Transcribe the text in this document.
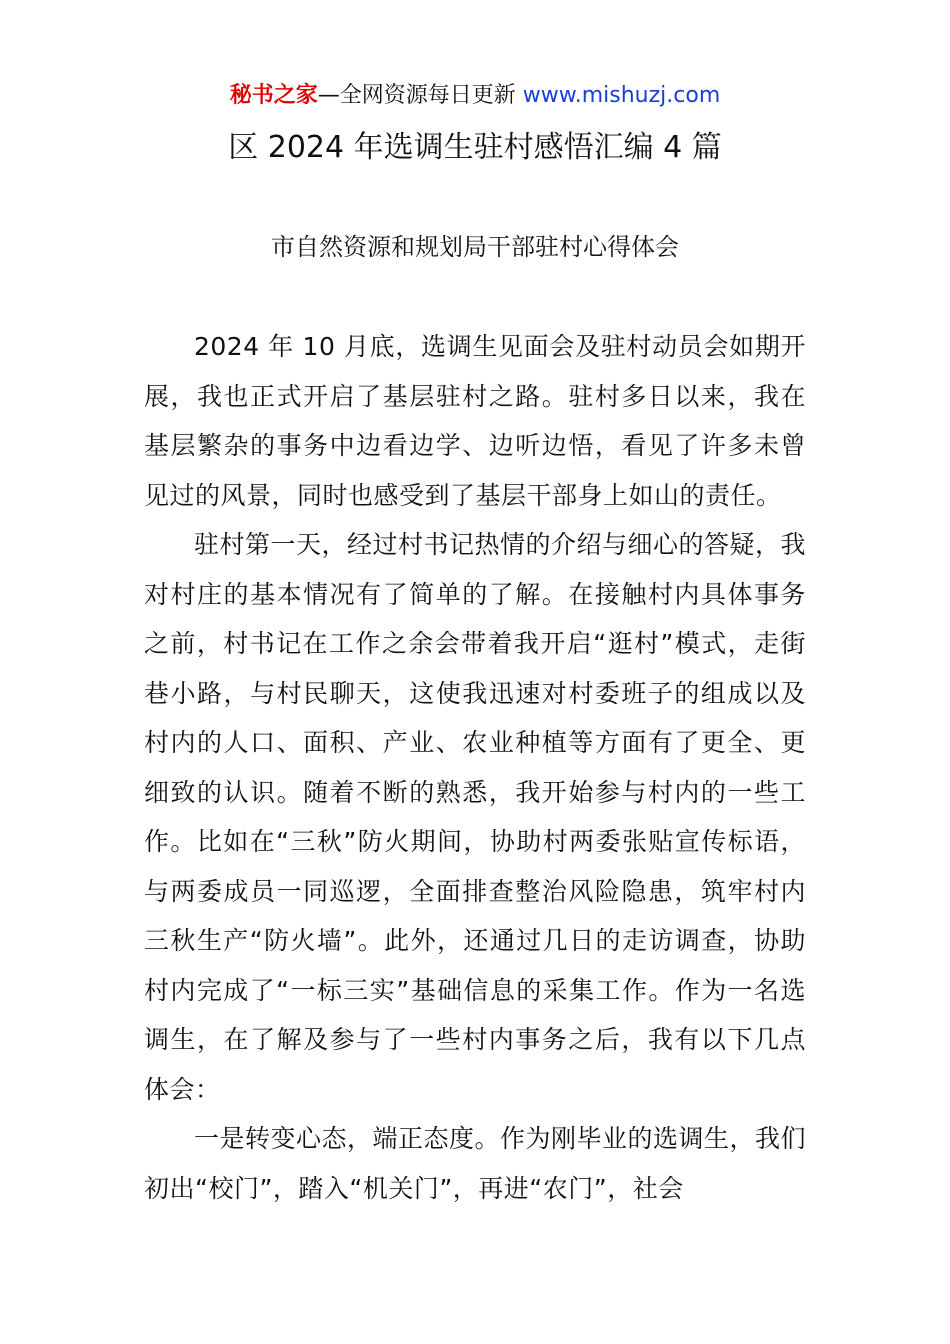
秘书之家—全网资源每日更新 www.mishuzj.com
区 2024 年选调生驻村感悟汇编 4 篇
市自然资源和规划局干部驻村心得体会

2024 年 10 月底，选调生见面会及驻村动员会如期开展，我也正式开启了基层驻村之路。驻村多日以来，我在基层繁杂的事务中边看边学、边听边悟，看见了许多未曾见过的风景，同时也感受到了基层干部身上如山的责任。

驻村第一天，经过村书记热情的介绍与细心的答疑，我对村庄的基本情况有了简单的了解。在接触村内具体事务之前，村书记在工作之余会带着我开启“逛村”模式，走街巷小路，与村民聊天，这使我迅速对村委班子的组成以及村内的人口、面积、产业、农业种植等方面有了更全、更细致的认识。随着不断的熟悉，我开始参与村内的一些工作。比如在“三秋”防火期间，协助村两委张贴宣传标语，与两委成员一同巡逻，全面排查整治风险隐患，筑牢村内三秋生产“防火墙”。此外，还通过几日的走访调查，协助村内完成了“一标三实”基础信息的采集工作。作为一名选调生，在了解及参与了一些村内事务之后，我有以下几点体会：

一是转变心态，端正态度。作为刚毕业的选调生，我们初出“校门”，踏入“机关门”，再进“农门”，社会
